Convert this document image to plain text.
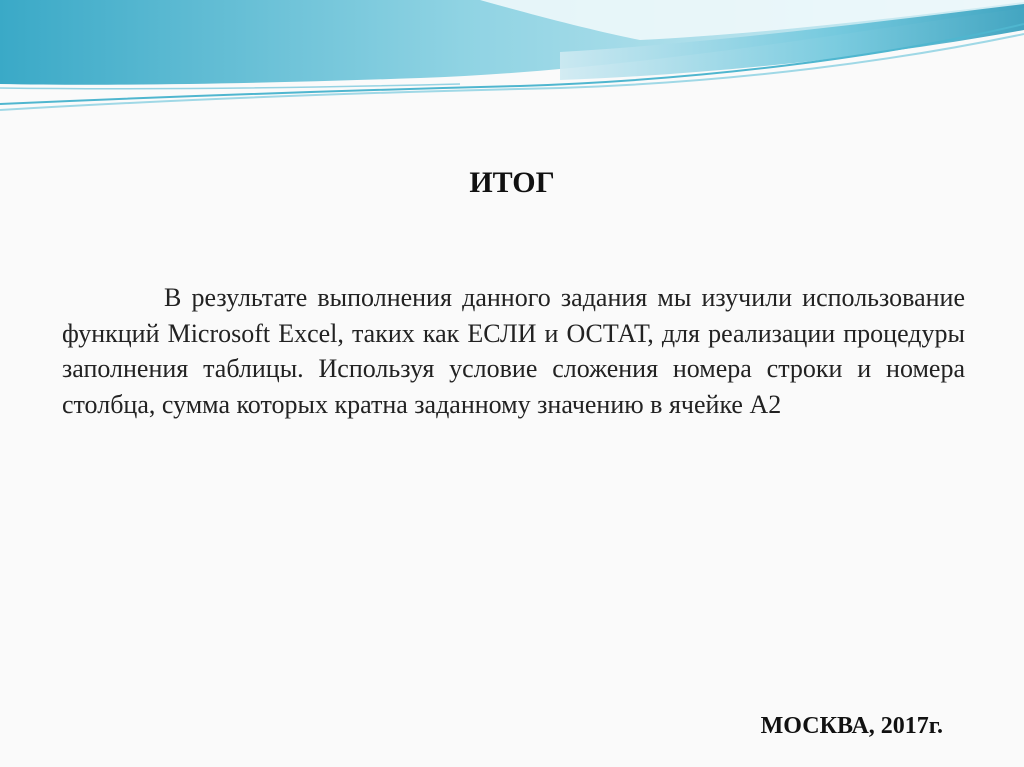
ИТОГ

В результате выполнения данного задания мы изучили использование функций Microsoft Excel, таких как ЕСЛИ и ОСТАТ, для реализации процедуры заполнения таблицы. Используя условие сложения номера строки и номера столбца, сумма которых кратна заданному значению в ячейке А2

МОСКВА, 2017г.
